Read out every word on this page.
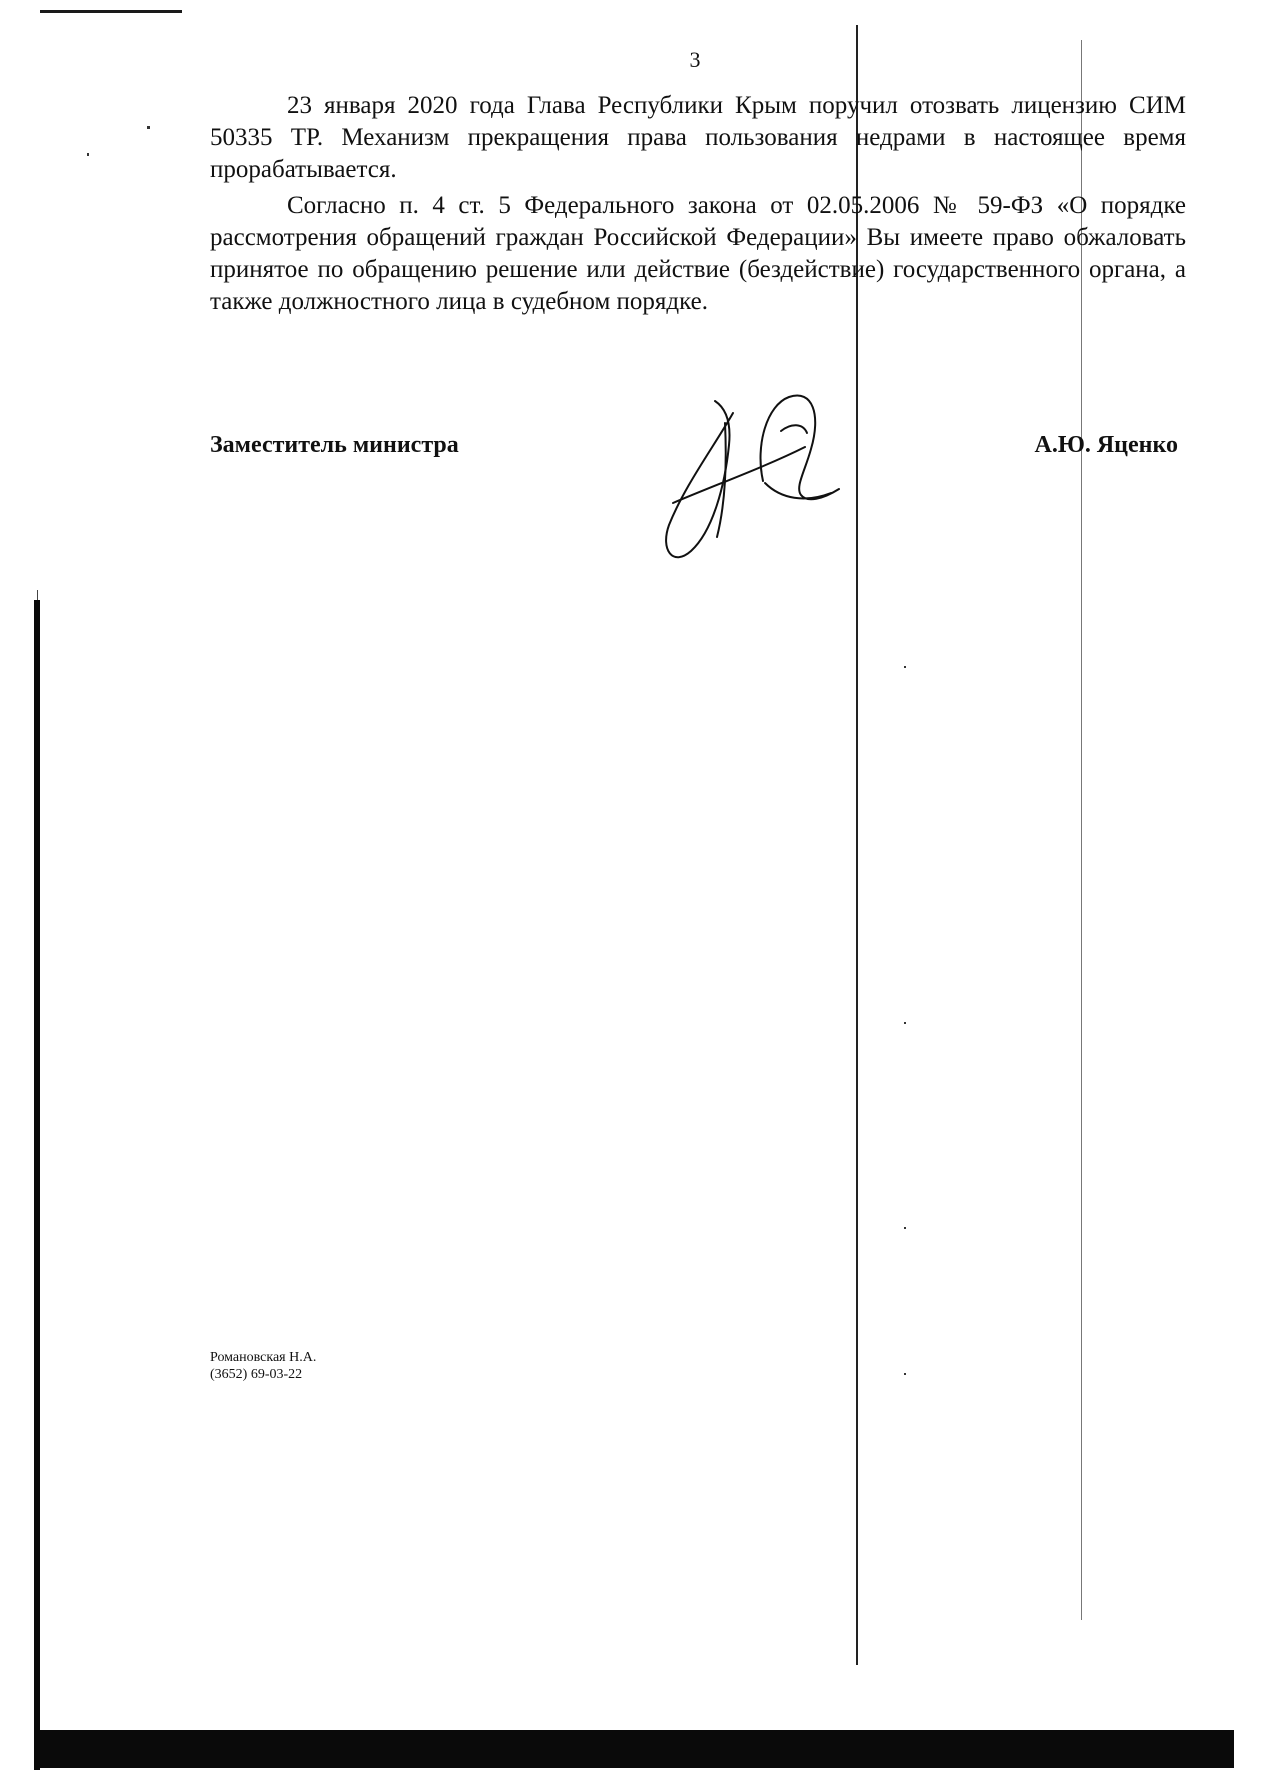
3

23 января 2020 года Глава Республики Крым поручил отозвать лицензию СИМ 50335 ТР. Механизм прекращения права пользования недрами в настоящее время прорабатывается.

Согласно п. 4 ст. 5 Федерального закона от 02.05.2006 № 59-ФЗ «О порядке рассмотрения обращений граждан Российской Федерации» Вы имеете право обжаловать принятое по обращению решение или действие (бездействие) государственного органа, а также должностного лица в судебном порядке.

Заместитель министра	А.Ю. Яценко
Романовская Н.А.
(3652) 69-03-22
